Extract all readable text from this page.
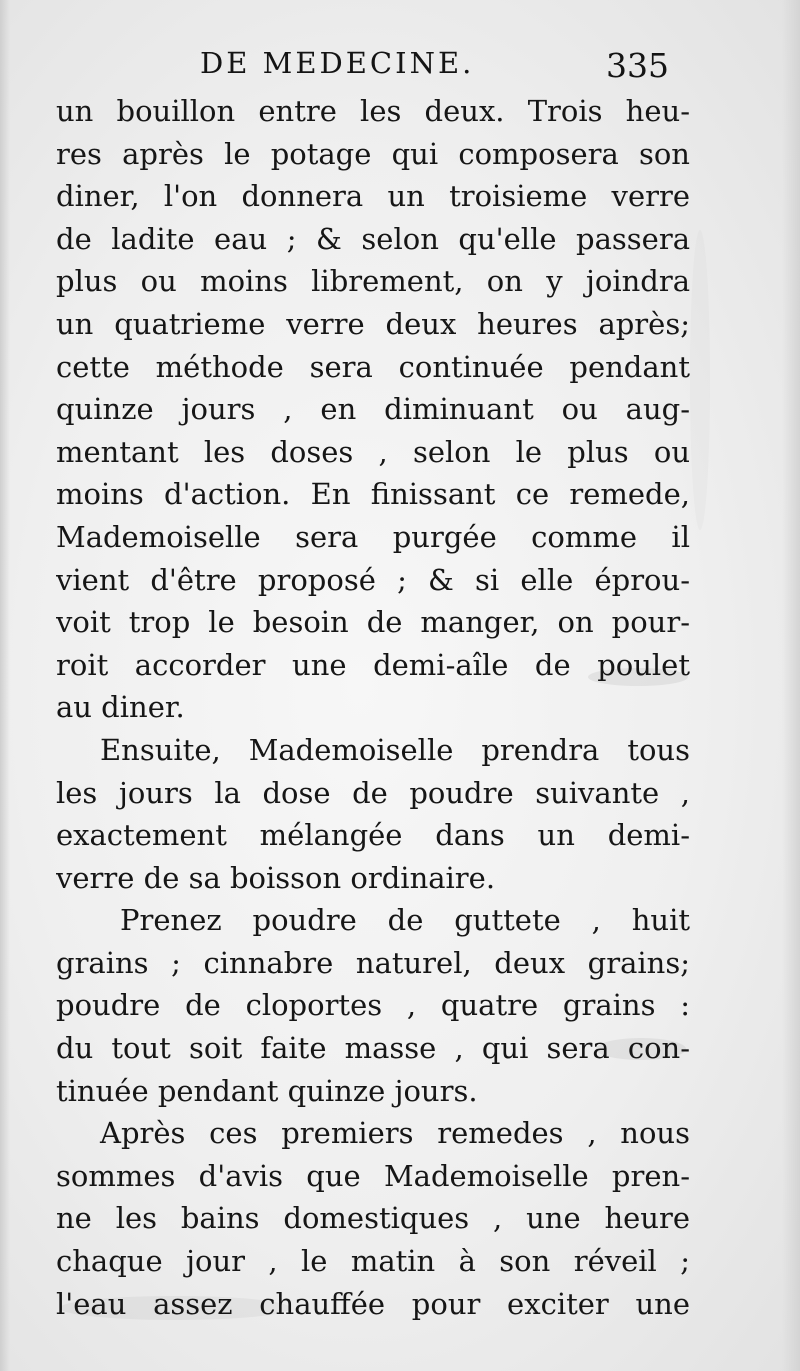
DE MEDECINE.	335
un bouillon entre les deux. Trois heu-
res après le potage qui composera son
diner, l'on donnera un troisieme verre
de ladite eau ; & selon qu'elle passera
plus ou moins librement, on y joindra
un quatrieme verre deux heures après;
cette méthode sera continuée pendant
quinze jours , en diminuant ou aug-
mentant les doses , selon le plus ou
moins d'action. En finissant ce remede,
Mademoiselle sera purgée comme il
vient d'être proposé ; & si elle éprou-
voit trop le besoin de manger, on pour-
roit accorder une demi-aîle de poulet
au diner.
Ensuite, Mademoiselle prendra tous
les jours la dose de poudre suivante ,
exactement mélangée dans un demi-
verre de sa boisson ordinaire.
Prenez poudre de guttete , huit
grains ; cinnabre naturel, deux grains;
poudre de cloportes , quatre grains :
du tout soit faite masse , qui sera con-
tinuée pendant quinze jours.
Après ces premiers remedes , nous
sommes d'avis que Mademoiselle pren-
ne les bains domestiques , une heure
chaque jour , le matin à son réveil ;
l'eau assez chauffée pour exciter une
